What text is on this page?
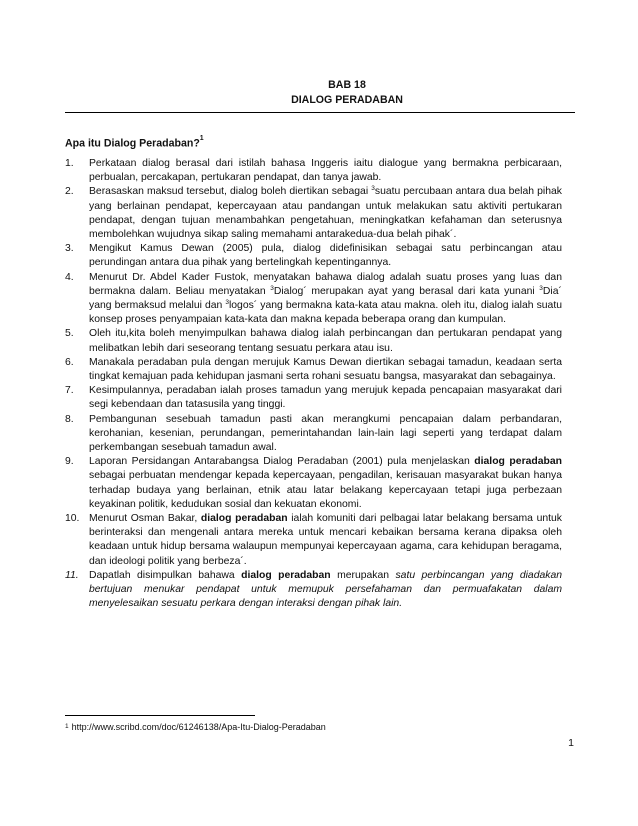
BAB 18
DIALOG PERADABAN
Apa itu Dialog Peradaban?$^1$
1. Perkataan dialog berasal dari istilah bahasa Inggeris iaitu dialogue yang bermakna perbicaraan, perbualan, percakapan, pertukaran pendapat, dan tanya jawab.
2. Berasaskan maksud tersebut, dialog boleh diertikan sebagai $^3$suatu percubaan antara dua belah pihak yang berlainan pendapat, kepercayaan atau pandangan untuk melakukan satu aktiviti pertukaran pendapat, dengan tujuan menambahkan pengetahuan, meningkatkan kefahaman dan seterusnya membolehkan wujudnya sikap saling memahami antarakedua-dua belah pihak´.
3. Mengikut Kamus Dewan (2005) pula, dialog didefinisikan sebagai satu perbincangan atau perundingan antara dua pihak yang bertelingkah kepentingannya.
4. Menurut Dr. Abdel Kader Fustok, menyatakan bahawa dialog adalah suatu proses yang luas dan bermakna dalam. Beliau menyatakan $^3$Dialog´ merupakan ayat yang berasal dari kata yunani $^3$Dia´ yang bermaksud melalui dan $^3$logos´ yang bermakna kata-kata atau makna. oleh itu, dialog ialah suatu konsep proses penyampaian kata-kata dan makna kepada beberapa orang dan kumpulan.
5. Oleh itu,kita boleh menyimpulkan bahawa dialog ialah perbincangan dan pertukaran pendapat yang melibatkan lebih dari seseorang tentang sesuatu perkara atau isu.
6. Manakala peradaban pula dengan merujuk Kamus Dewan diertikan sebagai tamadun, keadaan serta tingkat kemajuan pada kehidupan jasmani serta rohani sesuatu bangsa, masyarakat dan sebagainya.
7. Kesimpulannya, peradaban ialah proses tamadun yang merujuk kepada pencapaian masyarakat dari segi kebendaan dan tatasusila yang tinggi.
8. Pembangunan sesebuah tamadun pasti akan merangkumi pencapaian dalam perbandaran, kerohanian, kesenian, perundangan, pemerintahandan lain-lain lagi seperti yang terdapat dalam perkembangan sesebuah tamadun awal.
9. Laporan Persidangan Antarabangsa Dialog Peradaban (2001) pula menjelaskan dialog peradaban sebagai perbuatan mendengar kepada kepercayaan, pengadilan, kerisauan masyarakat bukan hanya terhadap budaya yang berlainan, etnik atau latar belakang kepercayaan tetapi juga perbezaan keyakinan politik, kedudukan sosial dan kekuatan ekonomi.
10. Menurut Osman Bakar, dialog peradaban ialah komuniti dari pelbagai latar belakang bersama untuk berinteraksi dan mengenali antara mereka untuk mencari kebaikan bersama kerana dipaksa oleh keadaan untuk hidup bersama walaupun mempunyai kepercayaan agama, cara kehidupan beragama, dan ideologi politik yang berbeza´.
11. Dapatlah disimpulkan bahawa dialog peradaban merupakan satu perbincangan yang diadakan bertujuan menukar pendapat untuk memupuk persefahaman dan permuafakatan dalam menyelesaikan sesuatu perkara dengan interaksi dengan pihak lain.
$^1$ http://www.scribd.com/doc/61246138/Apa-Itu-Dialog-Peradaban
1
